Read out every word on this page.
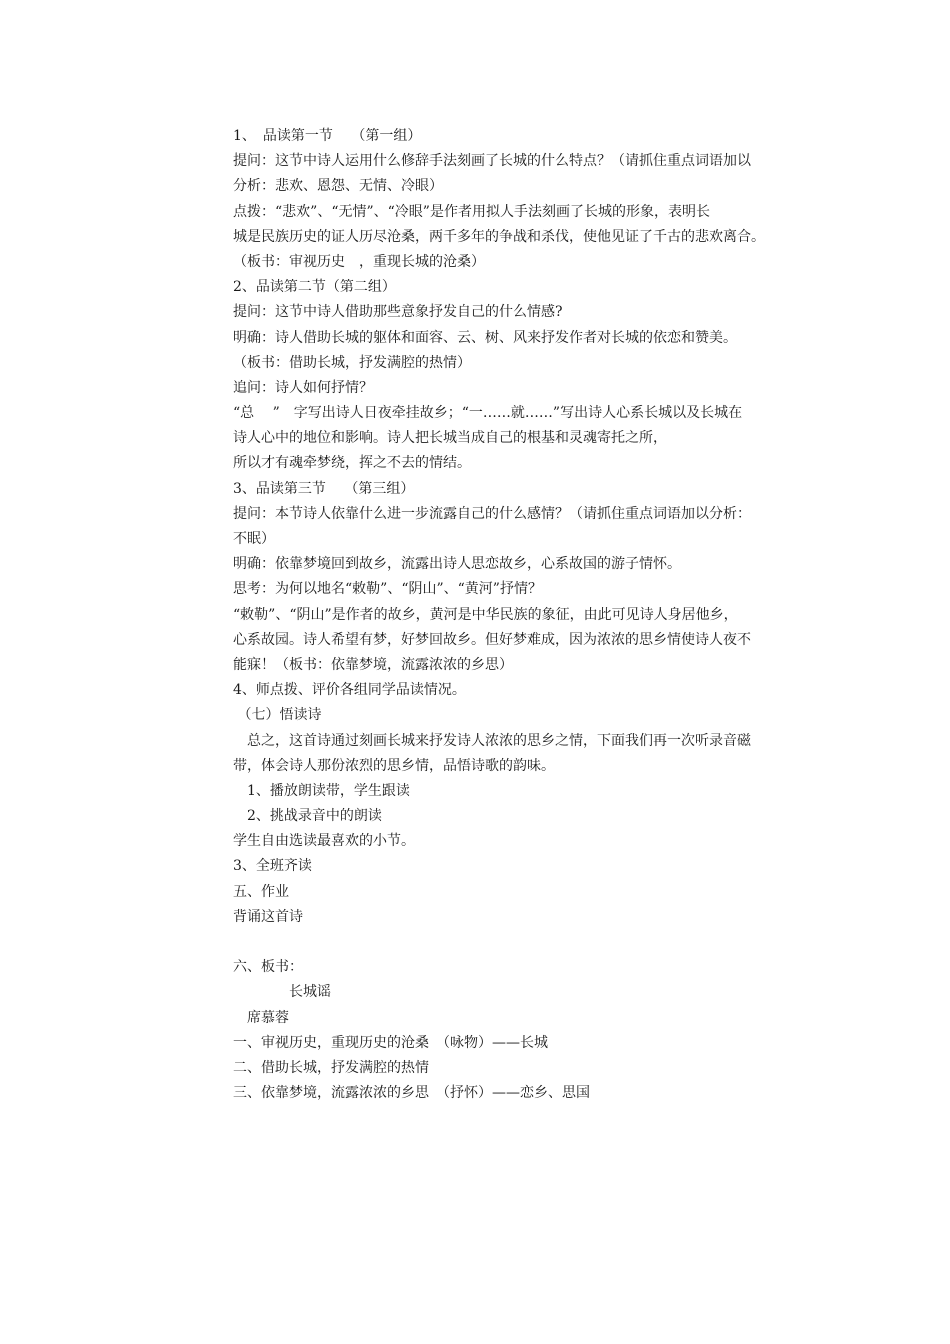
1、　品读第一节　 （第一组）
提问：这节中诗人运用什么修辞手法刻画了长城的什么特点？（请抓住重点词语加以
分析：悲欢、恩怨、无情、冷眼）
点拨：“悲欢”、“无情”、“冷眼”是作者用拟人手法刻画了长城的形象，表明长
城是民族历史的证人历尽沧桑，两千多年的争战和杀伐，使他见证了千古的悲欢离合。
（板书：审视历史　，重现长城的沧桑）
2、品读第二节（第二组）
提问：这节中诗人借助那些意象抒发自己的什么情感?
明确：诗人借助长城的躯体和面容、云、树、风来抒发作者对长城的依恋和赞美。
（板书：借助长城，抒发满腔的热情）
追问：诗人如何抒情？
“总　 ”　字写出诗人日夜牵挂故乡；“一……就……”写出诗人心系长城以及长城在
诗人心中的地位和影响。诗人把长城当成自己的根基和灵魂寄托之所，
所以才有魂牵梦绕，挥之不去的情结。
3、品读第三节　 （第三组）
提问：本节诗人依靠什么进一步流露自己的什么感情？（请抓住重点词语加以分析：
不眠）
明确：依靠梦境回到故乡，流露出诗人思恋故乡，心系故国的游子情怀。
思考：为何以地名“敕勒”、“阴山”、“黄河”抒情？
“敕勒”、“阴山”是作者的故乡，黄河是中华民族的象征，由此可见诗人身居他乡，
心系故园。诗人希望有梦，好梦回故乡。但好梦难成，因为浓浓的思乡情使诗人夜不
能寐！（板书：依靠梦境，流露浓浓的乡思）
4、师点拨、评价各组同学品读情况。
（七）悟读诗
　总之，这首诗通过刻画长城来抒发诗人浓浓的思乡之情，下面我们再一次听录音磁
带，体会诗人那份浓烈的思乡情，品悟诗歌的韵味。
　1、播放朗读带，学生跟读
　2、挑战录音中的朗读
学生自由选读最喜欢的小节。
3、全班齐读
五、作业
背诵这首诗
六、板书：
　　　　长城谣
　席慕蓉
一、审视历史，重现历史的沧桑　（咏物）——长城
二、借助长城，抒发满腔的热情
三、依靠梦境，流露浓浓的乡思　（抒怀）——恋乡、思国
